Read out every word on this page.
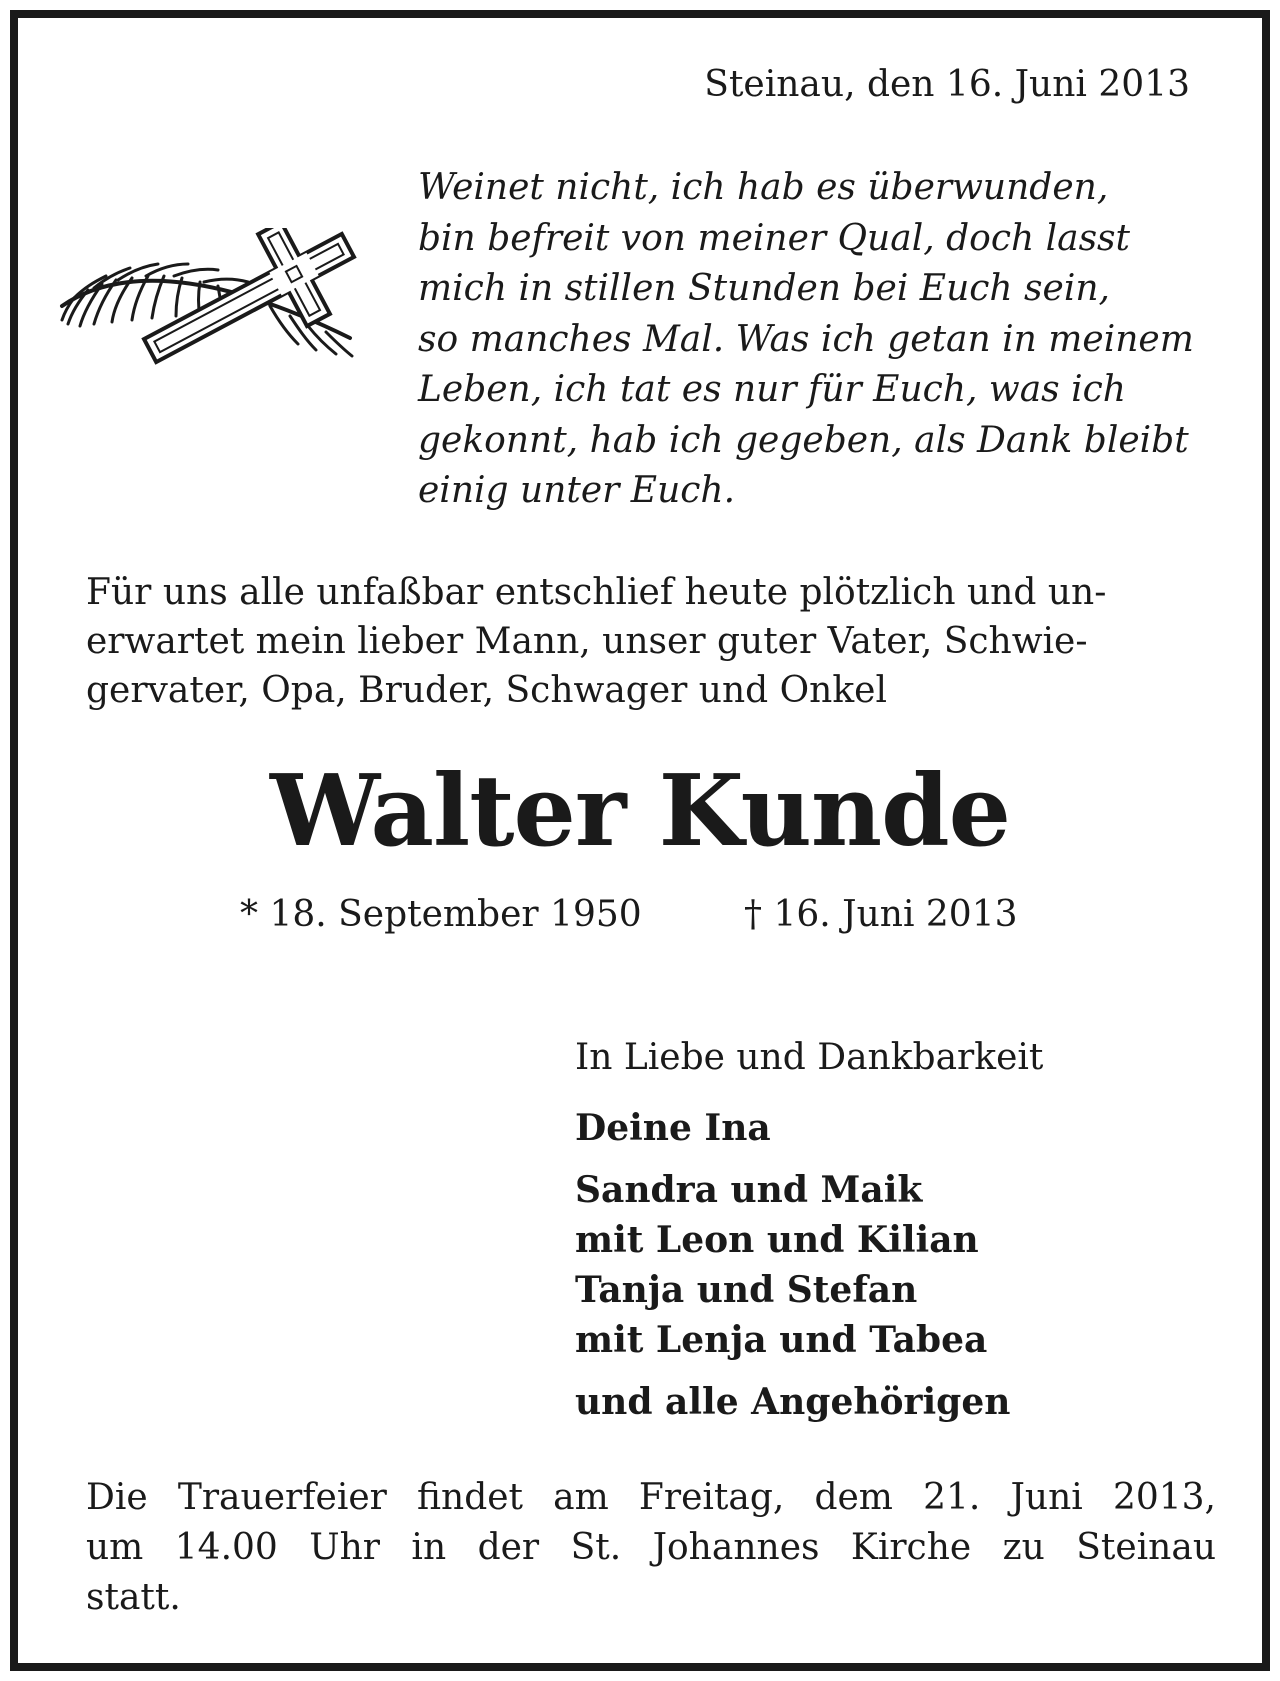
Steinau, den 16. Juni 2013
Weinet nicht, ich hab es überwunden,
bin befreit von meiner Qual, doch lasst
mich in stillen Stunden bei Euch sein,
so manches Mal. Was ich getan in meinem
Leben, ich tat es nur für Euch, was ich
gekonnt, hab ich gegeben, als Dank bleibt
einig unter Euch.
Für uns alle unfaßbar entschlief heute plötzlich und un-
erwartet mein lieber Mann, unser guter Vater, Schwie-
gervater, Opa, Bruder, Schwager und Onkel
Walter Kunde
* 18. September 1950	† 16. Juni 2013
In Liebe und Dankbarkeit
Deine Ina
Sandra und Maik
mit Leon und Kilian
Tanja und Stefan
mit Lenja und Tabea
und alle Angehörigen
Die Trauerfeier findet am Freitag, dem 21. Juni 2013,
um 14.00 Uhr in der St. Johannes Kirche zu Steinau
statt.
